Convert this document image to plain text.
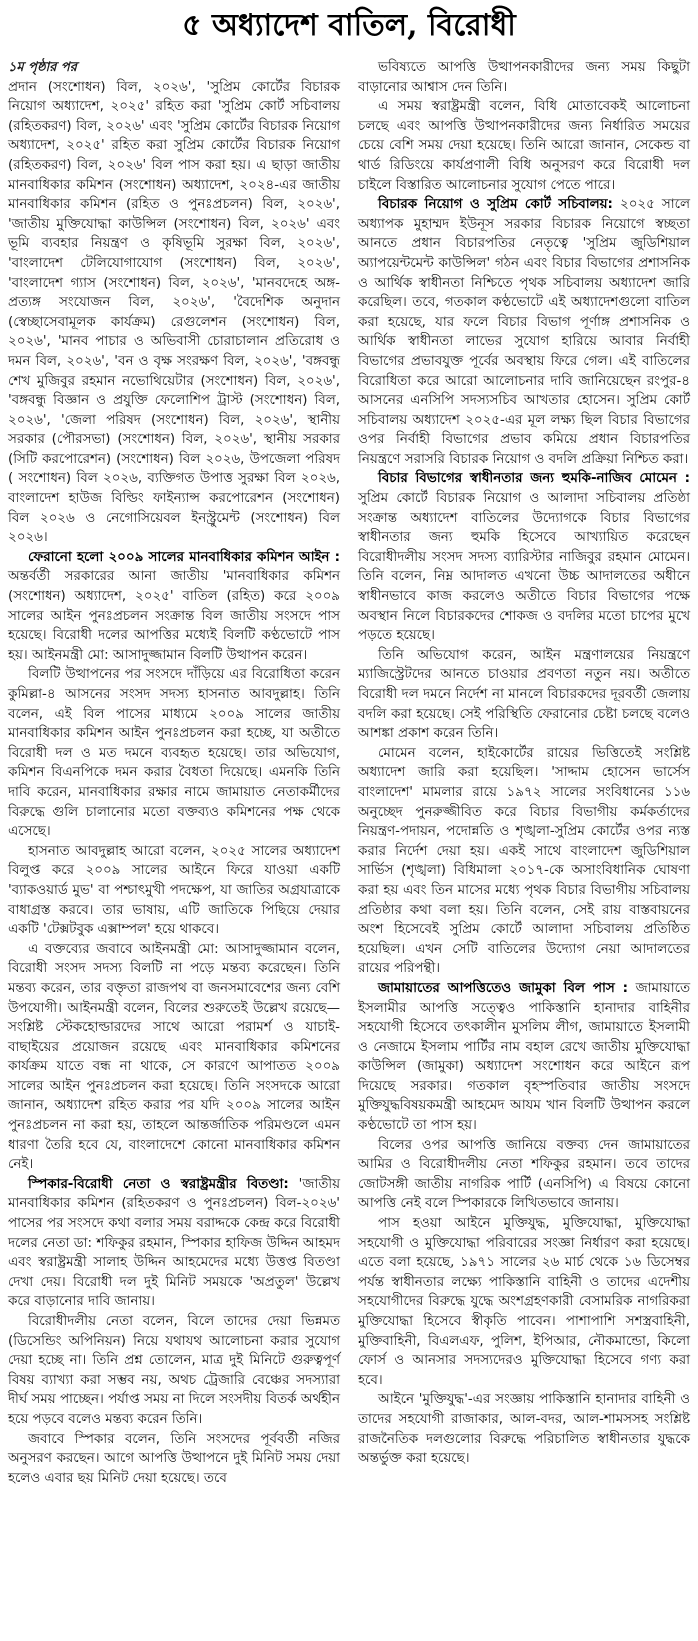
৫ অধ্যাদেশ বাতিল, বিরোধী
১ম পৃষ্ঠার পর

প্রদান (সংশোধন) বিল, ২০২৬', 'সুপ্রিম কোর্টের বিচারক নিয়োগ অধ্যাদেশ, ২০২৫' রহিত করা 'সুপ্রিম কোর্ট সচিবালয় (রহিতকরণ) বিল, ২০২৬' এবং 'সুপ্রিম কোর্টের বিচারক নিয়োগ অধ্যাদেশ, ২০২৫' রহিত করা সুপ্রিম কোর্টের বিচারক নিয়োগ (রহিতকরণ) বিল, ২০২৬' বিল পাস করা হয়। এ ছাড়া জাতীয় মানবাধিকার কমিশন (সংশোধন) অধ্যাদেশ, ২০২৪-এর জাতীয় মানবাধিকার কমিশন (রহিত ও পুনঃপ্রচলন) বিল, ২০২৬', 'জাতীয় মুক্তিযোদ্ধা কাউন্সিল (সংশোধন) বিল, ২০২৬' এবং ভূমি ব্যবহার নিয়ন্ত্রণ ও কৃষিভূমি সুরক্ষা বিল, ২০২৬', 'বাংলাদেশ টেলিযোগাযোগ (সংশোধন) বিল, ২০২৬', 'বাংলাদেশ গ্যাস (সংশোধন) বিল, ২০২৬', 'মানবদেহে অঙ্গ-প্রত্যঙ্গ সংযোজন বিল, ২০২৬', 'বৈদেশিক অনুদান (স্বেচ্ছাসেবামূলক কার্যক্রম) রেগুলেশন (সংশোধন) বিল, ২০২৬', 'মানব পাচার ও অভিবাসী চোরাচালান প্রতিরোধ ও দমন বিল, ২০২৬', 'বন ও বৃক্ষ সংরক্ষণ বিল, ২০২৬', 'বঙ্গবন্ধু শেখ মুজিবুর রহমান নভোথিয়েটার (সংশোধন) বিল, ২০২৬', 'বঙ্গবন্ধু বিজ্ঞান ও প্রযুক্তি ফেলোশিপ ট্রাস্ট (সংশোধন) বিল, ২০২৬', 'জেলা পরিষদ (সংশোধন) বিল, ২০২৬', স্থানীয় সরকার (পৌরসভা) (সংশোধন) বিল, ২০২৬', স্থানীয় সরকার (সিটি করপোরেশন) (সংশোধন) বিল ২০২৬, উপজেলা পরিষদ ( সংশোধন) বিল ২০২৬, ব্যক্তিগত উপাত্ত সুরক্ষা বিল ২০২৬, বাংলাদেশ হাউজ বিল্ডিং ফাইন্যান্স করপোরেশন (সংশোধন) বিল ২০২৬ ও নেগোসিয়েবল ইনস্ট্রুমেন্ট (সংশোধন) বিল ২০২৬।

ফেরানো হলো ২০০৯ সালের মানবাধিকার কমিশন আইন : অন্তর্বর্তী সরকারের আনা জাতীয় 'মানবাধিকার কমিশন (সংশোধন) অধ্যাদেশ, ২০২৫' বাতিল (রহিত) করে ২০০৯ সালের আইন পুনঃপ্রচলন সংক্রান্ত বিল জাতীয় সংসদে পাস হয়েছে। বিরোধী দলের আপত্তির মধ্যেই বিলটি কণ্ঠভোটে পাস হয়। আইনমন্ত্রী মো: আসাদুজ্জামান বিলটি উত্থাপন করেন।

বিলটি উত্থাপনের পর সংসদে দাঁড়িয়ে এর বিরোধিতা করেন কুমিল্লা-৪ আসনের সংসদ সদস্য হাসনাত আবদুল্লাহ। তিনি বলেন, এই বিল পাসের মাধ্যমে ২০০৯ সালের জাতীয় মানবাধিকার কমিশন আইন পুনঃপ্রচলন করা হচ্ছে, যা অতীতে বিরোধী দল ও মত দমনে ব্যবহৃত হয়েছে। তার অভিযোগ, কমিশন বিএনপিকে দমন করার বৈধতা দিয়েছে। এমনকি তিনি দাবি করেন, মানবাধিকার রক্ষার নামে জামায়াত নেতাকর্মীদের বিরুদ্ধে গুলি চালানোর মতো বক্তব্যও কমিশনের পক্ষ থেকে এসেছে।

হাসনাত আবদুল্লাহ আরো বলেন, ২০২৫ সালের অধ্যাদেশ বিলুপ্ত করে ২০০৯ সালের আইনে ফিরে যাওয়া একটি 'ব্যাকওয়ার্ড মুভ' বা পশ্চাৎমুখী পদক্ষেপ, যা জাতির অগ্রযাত্রাকে বাধাগ্রস্ত করবে। তার ভাষায়, এটি জাতিকে পিছিয়ে দেয়ার একটি 'টেক্সটবুক এক্সাম্পল' হয়ে থাকবে।

এ বক্তব্যের জবাবে আইনমন্ত্রী মো: আসাদুজ্জামান বলেন, বিরোধী সংসদ সদস্য বিলটি না পড়ে মন্তব্য করেছেন। তিনি মন্তব্য করেন, তার বক্তৃতা রাজপথ বা জনসমাবেশের জন্য বেশি উপযোগী। আইনমন্ত্রী বলেন, বিলের শুরুতেই উল্লেখ রয়েছে—সংশ্লিষ্ট স্টেকহোল্ডারদের সাথে আরো পরামর্শ ও যাচাই-বাছাইয়ের প্রয়োজন রয়েছে এবং মানবাধিকার কমিশনের কার্যক্রম যাতে বন্ধ না থাকে, সে কারণে আপাতত ২০০৯ সালের আইন পুনঃপ্রচলন করা হয়েছে। তিনি সংসদকে আরো জানান, অধ্যাদেশ রহিত করার পর যদি ২০০৯ সালের আইন পুনঃপ্রচলন না করা হয়, তাহলে আন্তর্জাতিক পরিমণ্ডলে এমন ধারণা তৈরি হবে যে, বাংলাদেশে কোনো মানবাধিকার কমিশন নেই।

স্পিকার-বিরোধী নেতা ও স্বরাষ্ট্রমন্ত্রীর বিতণ্ডা: 'জাতীয় মানবাধিকার কমিশন (রহিতকরণ ও পুনঃপ্রচলন) বিল-২০২৬' পাসের পর সংসদে কথা বলার সময় বরাদ্দকে কেন্দ্র করে বিরোধী দলের নেতা ডা: শফিকুর রহমান, স্পিকার হাফিজ উদ্দিন আহমদ এবং স্বরাষ্ট্রমন্ত্রী সালাহ উদ্দিন আহমেদের মধ্যে উত্তপ্ত বিতণ্ডা দেখা দেয়। বিরোধী দল দুই মিনিট সময়কে 'অপ্রতুল' উল্লেখ করে বাড়ানোর দাবি জানায়।

বিরোধীদলীয় নেতা বলেন, বিলে তাদের দেয়া ভিন্নমত (ডিসেন্ডিং অপিনিয়ন) নিয়ে যথাযথ আলোচনা করার সুযোগ দেয়া হচ্ছে না। তিনি প্রশ্ন তোলেন, মাত্র দুই মিনিটে গুরুত্বপূর্ণ বিষয় ব্যাখ্যা করা সম্ভব নয়, অথচ ট্রেজারি বেঞ্চের সদস্যারা দীর্ঘ সময় পাচ্ছেন। পর্যাপ্ত সময় না দিলে সংসদীয় বিতর্ক অর্থহীন হয়ে পড়বে বলেও মন্তব্য করেন তিনি।

জবাবে স্পিকার বলেন, তিনি সংসদের পূর্ববর্তী নজির অনুসরণ করছেন। আগে আপত্তি উত্থাপনে দুই মিনিট সময় দেয়া হলেও এবার ছয় মিনিট দেয়া হয়েছে। তবে

ভবিষ্যতে আপত্তি উত্থাপনকারীদের জন্য সময় কিছুটা বাড়ানোর আশ্বাস দেন তিনি।

এ সময় স্বরাষ্ট্রমন্ত্রী বলেন, বিধি মোতাবেকই আলোচনা চলছে এবং আপত্তি উত্থাপনকারীদের জন্য নির্ধারিত সময়ের চেয়ে বেশি সময় দেয়া হয়েছে। তিনি আরো জানান, সেকেন্ড বা থার্ড রিডিংয়ে কার্যপ্রণালী বিধি অনুসরণ করে বিরোধী দল চাইলে বিস্তারিত আলোচনার সুযোগ পেতে পারে।

বিচারক নিয়োগ ও সুপ্রিম কোর্ট সচিবালয়: ২০২৫ সালে অধ্যাপক মুহাম্মদ ইউনূস সরকার বিচারক নিয়োগে স্বচ্ছতা আনতে প্রধান বিচারপতির নেতৃত্বে 'সুপ্রিম জুডিশিয়াল অ্যাপয়েন্টমেন্ট কাউন্সিল' গঠন এবং বিচার বিভাগের প্রশাসনিক ও আর্থিক স্বাধীনতা নিশ্চিতে পৃথক সচিবালয় অধ্যাদেশ জারি করেছিল। তবে, গতকাল কণ্ঠভোটে এই অধ্যাদেশগুলো বাতিল করা হয়েছে, যার ফলে বিচার বিভাগ পূর্ণাঙ্গ প্রশাসনিক ও আর্থিক স্বাধীনতা লাভের সুযোগ হারিয়ে আবার নির্বাহী বিভাগের প্রভাবযুক্ত পূর্বের অবস্থায় ফিরে গেল। এই বাতিলের বিরোধিতা করে আরো আলোচনার দাবি জানিয়েছেন রংপুর-৪ আসনের এনসিপি সদস্যসচিব আখতার হোসেন। সুপ্রিম কোর্ট সচিবালয় অধ্যাদেশ ২০২৫-এর মূল লক্ষ্য ছিল বিচার বিভাগের ওপর নির্বাহী বিভাগের প্রভাব কমিয়ে প্রধান বিচারপতির নিয়ন্ত্রণে সরাসরি বিচারক নিয়োগ ও বদলি প্রক্রিয়া নিশ্চিত করা।

বিচার বিভাগের স্বাধীনতার জন্য হুমকি-নাজিব মোমেন : সুপ্রিম কোর্টে বিচারক নিয়োগ ও আলাদা সচিবালয় প্রতিষ্ঠা সংক্রান্ত অধ্যাদেশ বাতিলের উদ্যোগকে বিচার বিভাগের স্বাধীনতার জন্য হুমকি হিসেবে আখ্যায়িত করেছেন বিরোধীদলীয় সংসদ সদস্য ব্যারিস্টার নাজিবুর রহমান মোমেন। তিনি বলেন, নিম্ন আদালত এখনো উচ্চ আদালতের অধীনে স্বাধীনভাবে কাজ করলেও অতীতে বিচার বিভাগের পক্ষে অবস্থান নিলে বিচারকদের শোকজ ও বদলির মতো চাপের মুখে পড়তে হয়েছে।

তিনি অভিযোগ করেন, আইন মন্ত্রণালয়ের নিয়ন্ত্রণে ম্যাজিস্ট্রেটদের আনতে চাওয়ার প্রবণতা নতুন নয়। অতীতে বিরোধী দল দমনে নির্দেশ না মানলে বিচারকদের দূরবর্তী জেলায় বদলি করা হয়েছে। সেই পরিস্থিতি ফেরানোর চেষ্টা চলছে বলেও আশঙ্কা প্রকাশ করেন তিনি।

মোমেন বলেন, হাইকোর্টের রায়ের ভিত্তিতেই সংশ্লিষ্ট অধ্যাদেশ জারি করা হয়েছিল। 'সাদ্দাম হোসেন ভার্সেস বাংলাদেশ' মামলার রায়ে ১৯৭২ সালের সংবিধানের ১১৬ অনুচ্ছেদ পুনরুজ্জীবিত করে বিচার বিভাগীয় কর্মকর্তাদের নিয়ন্ত্রণ-পদায়ন, পদোন্নতি ও শৃঙ্খলা-সুপ্রিম কোর্টের ওপর ন্যস্ত করার নির্দেশ দেয়া হয়। একই সাথে বাংলাদেশ জুডিশিয়াল সার্ভিস (শৃঙ্খলা) বিধিমালা ২০১৭-কে অসাংবিধানিক ঘোষণা করা হয় এবং তিন মাসের মধ্যে পৃথক বিচার বিভাগীয় সচিবালয় প্রতিষ্ঠার কথা বলা হয়। তিনি বলেন, সেই রায় বাস্তবায়নের অংশ হিসেবেই সুপ্রিম কোর্টে আলাদা সচিবালয় প্রতিষ্ঠিত হয়েছিল। এখন সেটি বাতিলের উদ্যোগ নেয়া আদালতের রায়ের পরিপন্থী।

জামায়াতের আপত্তিতেও জামুকা বিল পাস : জামায়াতে ইসলামীর আপত্তি সত্ত্বেও পাকিস্তানি হানাদার বাহিনীর সহযোগী হিসেবে তৎকালীন মুসলিম লীগ, জামায়াতে ইসলামী ও নেজামে ইসলাম পার্টির নাম বহাল রেখে জাতীয় মুক্তিযোদ্ধা কাউন্সিল (জামুকা) অধ্যাদেশ সংশোধন করে আইনে রূপ দিয়েছে সরকার। গতকাল বৃহস্পতিবার জাতীয় সংসদে মুক্তিযুদ্ধবিষয়কমন্ত্রী আহমেদ আযম খান বিলটি উত্থাপন করলে কণ্ঠভোটে তা পাস হয়।

বিলের ওপর আপত্তি জানিয়ে বক্তব্য দেন জামায়াতের আমির ও বিরোধীদলীয় নেতা শফিকুর রহমান। তবে তাদের জোটসঙ্গী জাতীয় নাগরিক পার্টি (এনসিপি) এ বিষয়ে কোনো আপত্তি নেই বলে স্পিকারকে লিখিতভাবে জানায়।

পাস হওয়া আইনে মুক্তিযুদ্ধ, মুক্তিযোদ্ধা, মুক্তিযোদ্ধা সহযোগী ও মুক্তিযোদ্ধা পরিবারের সংজ্ঞা নির্ধারণ করা হয়েছে। এতে বলা হয়েছে, ১৯৭১ সালের ২৬ মার্চ থেকে ১৬ ডিসেম্বর পর্যন্ত স্বাধীনতার লক্ষ্যে পাকিস্তানি বাহিনী ও তাদের এদেশীয় সহযোগীদের বিরুদ্ধে যুদ্ধে অংশগ্রহণকারী বেসামরিক নাগরিকরা মুক্তিযোদ্ধা হিসেবে স্বীকৃতি পাবেন। পাশাপাশি সশস্ত্রবাহিনী, মুক্তিবাহিনী, বিএলএফ, পুলিশ, ইপিআর, নৌকমান্ডো, কিলো ফোর্স ও আনসার সদস্যদেরও মুক্তিযোদ্ধা হিসেবে গণ্য করা হবে।

আইনে 'মুক্তিযুদ্ধ'-এর সংজ্ঞায় পাকিস্তানি হানাদার বাহিনী ও তাদের সহযোগী রাজাকার, আল-বদর, আল-শামসসহ সংশ্লিষ্ট রাজনৈতিক দলগুলোর বিরুদ্ধে পরিচালিত স্বাধীনতার যুদ্ধকে অন্তর্ভুক্ত করা হয়েছে।
